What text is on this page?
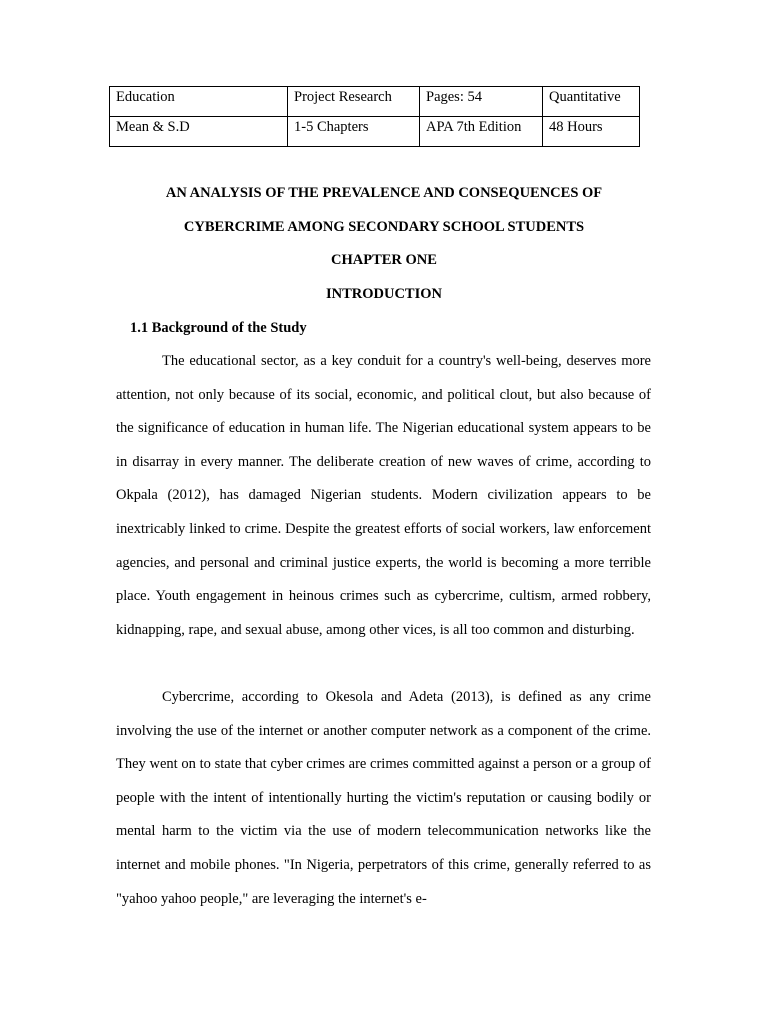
Education	Project Research	Pages: 54	Quantitative
Mean & S.D	1-5 Chapters	APA 7th Edition	48 Hours
AN ANALYSIS OF THE PREVALENCE AND CONSEQUENCES OF
CYBERCRIME AMONG SECONDARY SCHOOL STUDENTS
CHAPTER ONE
INTRODUCTION
1.1 Background of the Study

The educational sector, as a key conduit for a country's well-being, deserves more attention, not only because of its social, economic, and political clout, but also because of the significance of education in human life. The Nigerian educational system appears to be in disarray in every manner. The deliberate creation of new waves of crime, according to Okpala (2012), has damaged Nigerian students. Modern civilization appears to be inextricably linked to crime. Despite the greatest efforts of social workers, law enforcement agencies, and personal and criminal justice experts, the world is becoming a more terrible place. Youth engagement in heinous crimes such as cybercrime, cultism, armed robbery, kidnapping, rape, and sexual abuse, among other vices, is all too common and disturbing.

Cybercrime, according to Okesola and Adeta (2013), is defined as any crime involving the use of the internet or another computer network as a component of the crime. They went on to state that cyber crimes are crimes committed against a person or a group of people with the intent of intentionally hurting the victim's reputation or causing bodily or mental harm to the victim via the use of modern telecommunication networks like the internet and mobile phones. "In Nigeria, perpetrators of this crime, generally referred to as "yahoo yahoo people," are leveraging the internet's e-
